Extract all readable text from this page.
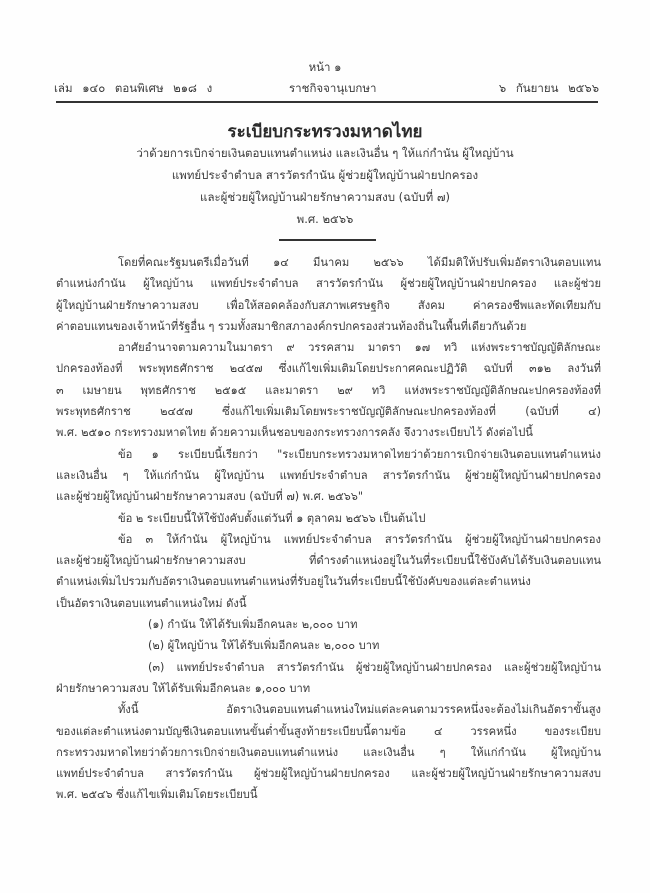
หน้า ๑
เล่ม ๑๔๐ ตอนพิเศษ ๒๑๘ ง	ราชกิจจานุเบกษา	๖ กันยายน ๒๕๖๖
ระเบียบกระทรวงมหาดไทย
ว่าด้วยการเบิกจ่ายเงินตอบแทนตำแหน่ง และเงินอื่น ๆ ให้แก่กำนัน ผู้ใหญ่บ้าน
แพทย์ประจำตำบล สารวัตรกำนัน ผู้ช่วยผู้ใหญ่บ้านฝ่ายปกครอง
และผู้ช่วยผู้ใหญ่บ้านฝ่ายรักษาความสงบ (ฉบับที่ ๗)
พ.ศ. ๒๕๖๖
โดยที่คณะรัฐมนตรีเมื่อวันที่ ๑๔ มีนาคม ๒๕๖๖ ได้มีมติให้ปรับเพิ่มอัตราเงินตอบแทน
ตำแหน่งกำนัน ผู้ใหญ่บ้าน แพทย์ประจำตำบล สารวัตรกำนัน ผู้ช่วยผู้ใหญ่บ้านฝ่ายปกครอง และผู้ช่วย
ผู้ใหญ่บ้านฝ่ายรักษาความสงบ เพื่อให้สอดคล้องกับสภาพเศรษฐกิจ สังคม ค่าครองชีพและทัดเทียมกับ
ค่าตอบแทนของเจ้าหน้าที่รัฐอื่น ๆ รวมทั้งสมาชิกสภาองค์กรปกครองส่วนท้องถิ่นในพื้นที่เดียวกันด้วย
อาศัยอำนาจตามความในมาตรา ๙ วรรคสาม มาตรา ๑๗ ทวิ แห่งพระราชบัญญัติลักษณะ
ปกครองท้องที่ พระพุทธศักราช ๒๔๕๗ ซึ่งแก้ไขเพิ่มเติมโดยประกาศคณะปฏิวัติ ฉบับที่ ๓๑๒ ลงวันที่
๓ เมษายน พุทธศักราช ๒๕๑๕ และมาตรา ๒๙ ทวิ แห่งพระราชบัญญัติลักษณะปกครองท้องที่
พระพุทธศักราช ๒๔๕๗ ซึ่งแก้ไขเพิ่มเติมโดยพระราชบัญญัติลักษณะปกครองท้องที่ (ฉบับที่ ๔)
พ.ศ. ๒๕๑๐ กระทรวงมหาดไทย ด้วยความเห็นชอบของกระทรวงการคลัง จึงวางระเบียบไว้ ดังต่อไปนี้
ข้อ ๑ ระเบียบนี้เรียกว่า "ระเบียบกระทรวงมหาดไทยว่าด้วยการเบิกจ่ายเงินตอบแทนตำแหน่ง
และเงินอื่น ๆ ให้แก่กำนัน ผู้ใหญ่บ้าน แพทย์ประจำตำบล สารวัตรกำนัน ผู้ช่วยผู้ใหญ่บ้านฝ่ายปกครอง
และผู้ช่วยผู้ใหญ่บ้านฝ่ายรักษาความสงบ (ฉบับที่ ๗) พ.ศ. ๒๕๖๖"
ข้อ ๒ ระเบียบนี้ให้ใช้บังคับตั้งแต่วันที่ ๑ ตุลาคม ๒๕๖๖ เป็นต้นไป
ข้อ ๓ ให้กำนัน ผู้ใหญ่บ้าน แพทย์ประจำตำบล สารวัตรกำนัน ผู้ช่วยผู้ใหญ่บ้านฝ่ายปกครอง
และผู้ช่วยผู้ใหญ่บ้านฝ่ายรักษาความสงบ ที่ดำรงตำแหน่งอยู่ในวันที่ระเบียบนี้ใช้บังคับได้รับเงินตอบแทน
ตำแหน่งเพิ่มไปรวมกับอัตราเงินตอบแทนตำแหน่งที่รับอยู่ในวันที่ระเบียบนี้ใช้บังคับของแต่ละตำแหน่ง
เป็นอัตราเงินตอบแทนตำแหน่งใหม่ ดังนี้
(๑) กำนัน ให้ได้รับเพิ่มอีกคนละ ๒,๐๐๐ บาท
(๒) ผู้ใหญ่บ้าน ให้ได้รับเพิ่มอีกคนละ ๒,๐๐๐ บาท
(๓) แพทย์ประจำตำบล สารวัตรกำนัน ผู้ช่วยผู้ใหญ่บ้านฝ่ายปกครอง และผู้ช่วยผู้ใหญ่บ้าน
ฝ่ายรักษาความสงบ ให้ได้รับเพิ่มอีกคนละ ๑,๐๐๐ บาท
ทั้งนี้ อัตราเงินตอบแทนตำแหน่งใหม่แต่ละคนตามวรรคหนึ่งจะต้องไม่เกินอัตราขั้นสูง
ของแต่ละตำแหน่งตามบัญชีเงินตอบแทนขั้นต่ำขั้นสูงท้ายระเบียบนี้ตามข้อ ๔ วรรคหนึ่ง ของระเบียบ
กระทรวงมหาดไทยว่าด้วยการเบิกจ่ายเงินตอบแทนตำแหน่ง และเงินอื่น ๆ ให้แก่กำนัน ผู้ใหญ่บ้าน
แพทย์ประจำตำบล สารวัตรกำนัน ผู้ช่วยผู้ใหญ่บ้านฝ่ายปกครอง และผู้ช่วยผู้ใหญ่บ้านฝ่ายรักษาความสงบ
พ.ศ. ๒๕๔๖ ซึ่งแก้ไขเพิ่มเติมโดยระเบียบนี้
